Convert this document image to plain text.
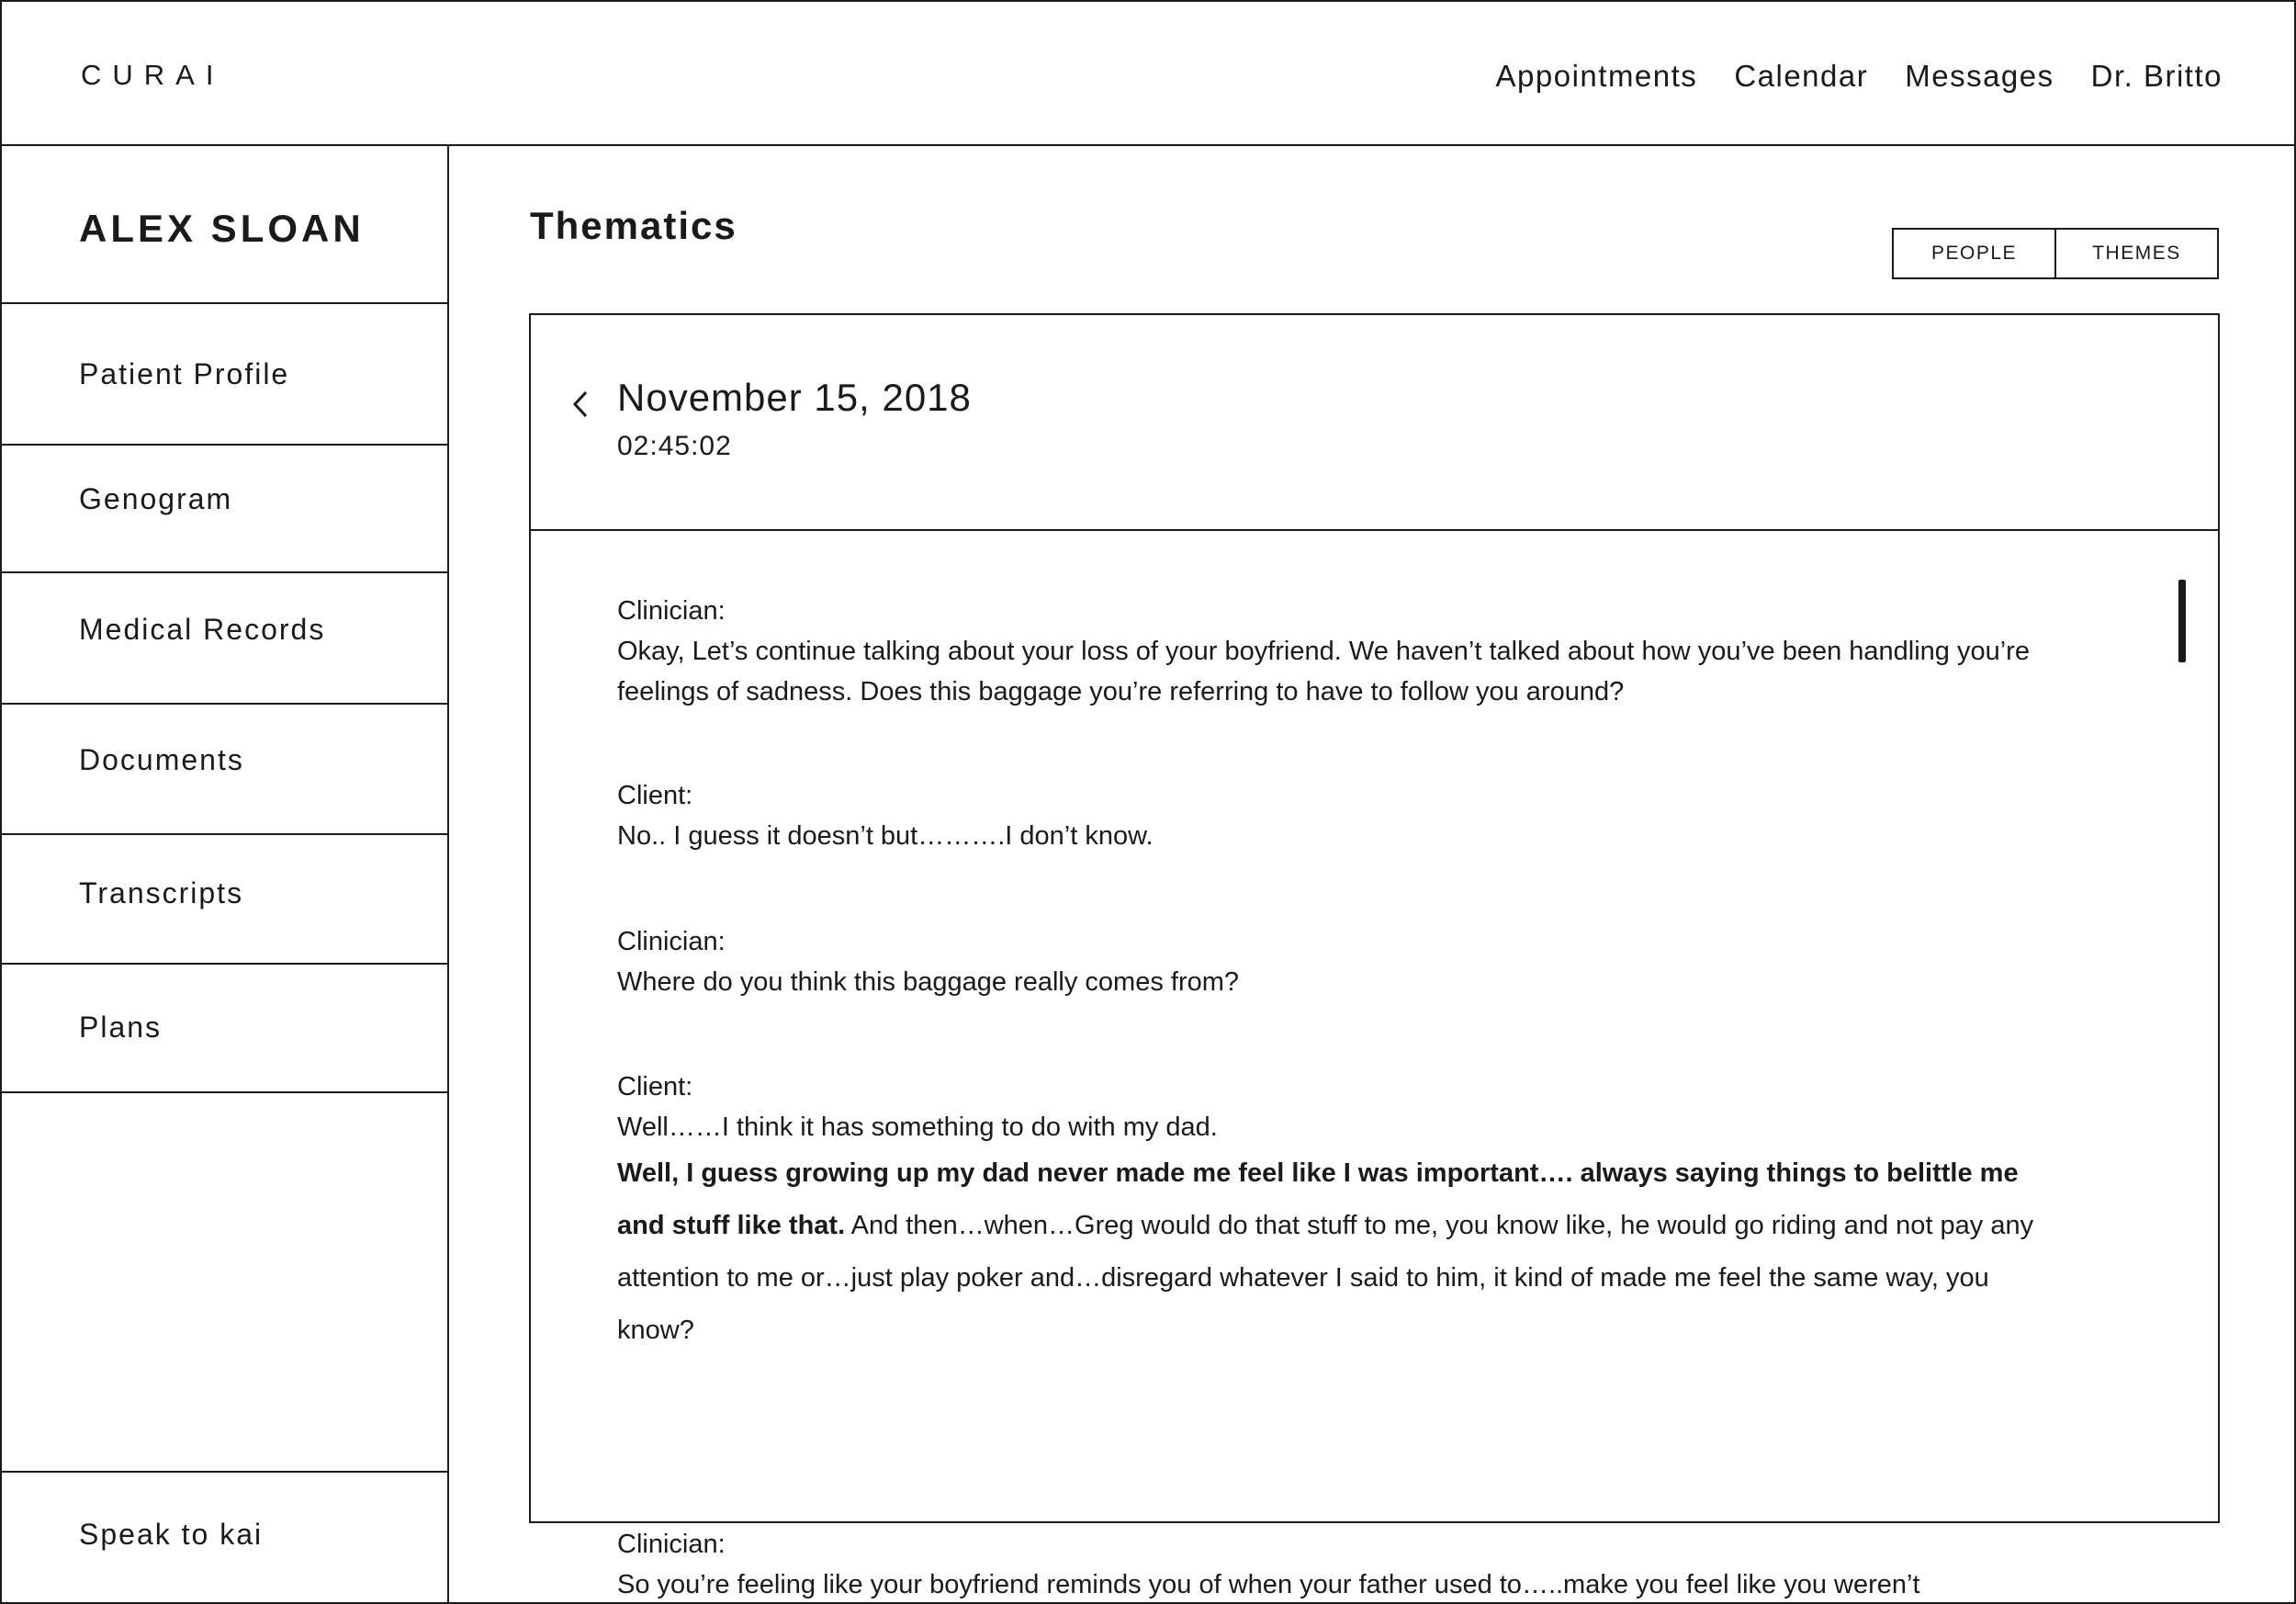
CURAI	Appointments Calendar Messages Dr. Britto
ALEX SLOAN
Patient Profile
Genogram
Medical Records
Documents
Transcripts
Plans
Speak to kai
Thematics
PEOPLE	THEMES
November 15, 2018
02:45:02
Clinician:
Okay, Let’s continue talking about your loss of your boyfriend. We haven’t talked about how you’ve been handling you’re feelings of sadness. Does this baggage you’re referring to have to follow you around?
Client:
No.. I guess it doesn’t but……….I don’t know.
Clinician:
Where do you think this baggage really comes from?
Client:
Well……I think it has something to do with my dad.
Well, I guess growing up my dad never made me feel like I was important…. always saying things to belittle me and stuff like that. And then…when…Greg would do that stuff to me, you know like, he would go riding and not pay any attention to me or…just play poker and…disregard whatever I said to him, it kind of made me feel the same way, you know?
Clinician:
So you’re feeling like your boyfriend reminds you of when your father used to…..make you feel like you weren’t
